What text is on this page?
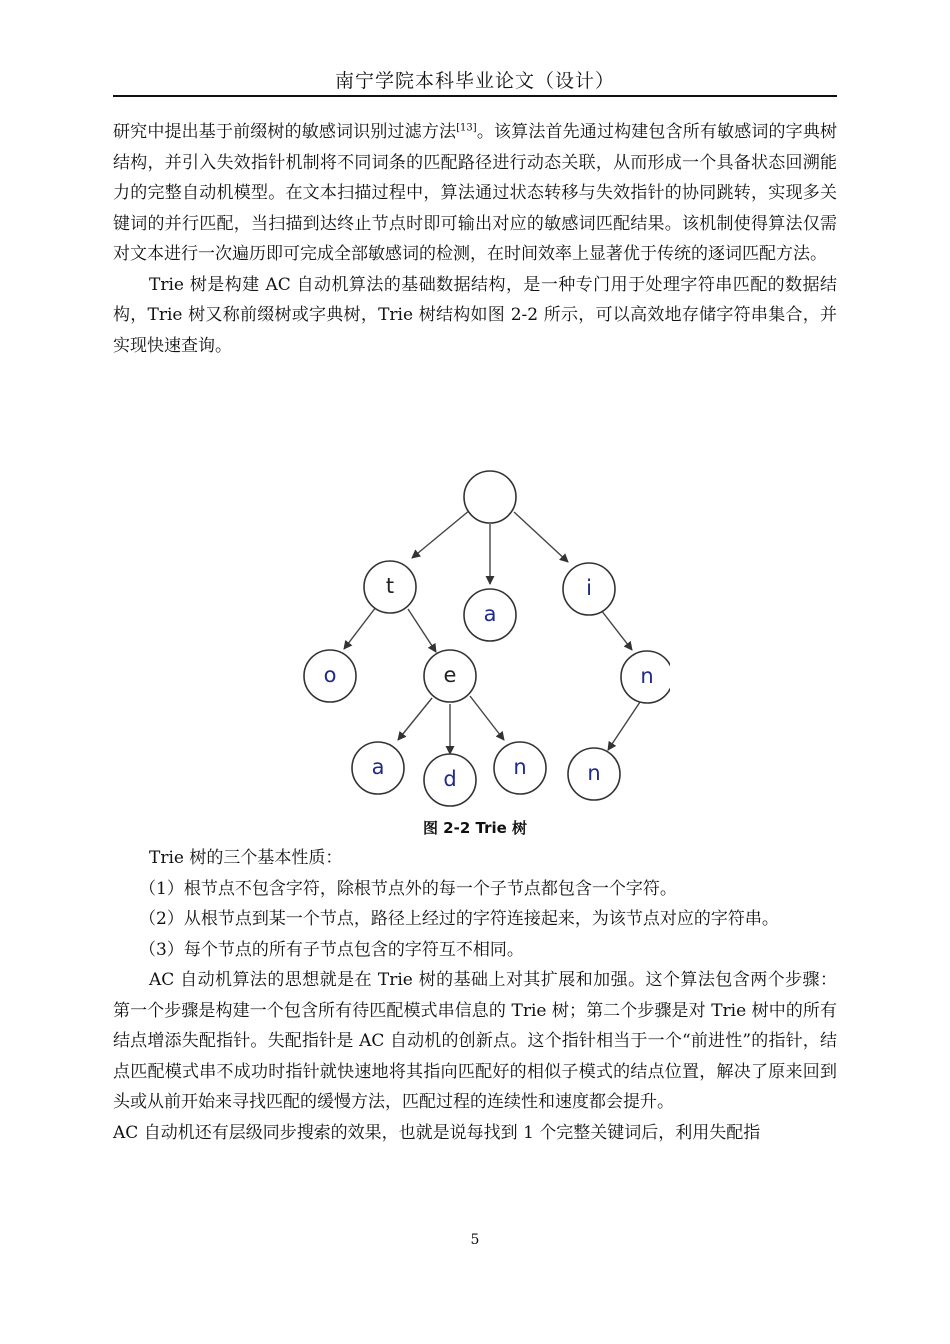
南宁学院本科毕业论文（设计）

研究中提出基于前缀树的敏感词识别过滤方法[13]。该算法首先通过构建包含所有敏感词的字典树结构，并引入失效指针机制将不同词条的匹配路径进行动态关联，从而形成一个具备状态回溯能力的完整自动机模型。在文本扫描过程中，算法通过状态转移与失效指针的协同跳转，实现多关键词的并行匹配，当扫描到达终止节点时即可输出对应的敏感词匹配结果。该机制使得算法仅需对文本进行一次遍历即可完成全部敏感词的检测，在时间效率上显著优于传统的逐词匹配方法。

Trie 树是构建 AC 自动机算法的基础数据结构，是一种专门用于处理字符串匹配的数据结构，Trie 树又称前缀树或字典树，Trie 树结构如图 2-2 所示，可以高效地存储字符串集合，并实现快速查询。

t
a
i
o	e	n
a	d	n	n
图 2-2 Trie 树

Trie 树的三个基本性质：

（1）根节点不包含字符，除根节点外的每一个子节点都包含一个字符。

（2）从根节点到某一个节点，路径上经过的字符连接起来，为该节点对应的字符串。

（3）每个节点的所有子节点包含的字符互不相同。

AC 自动机算法的思想就是在 Trie 树的基础上对其扩展和加强。这个算法包含两个步骤：第一个步骤是构建一个包含所有待匹配模式串信息的 Trie 树；第二个步骤是对 Trie 树中的所有结点增添失配指针。失配指针是 AC 自动机的创新点。这个指针相当于一个“前进性”的指针，结点匹配模式串不成功时指针就快速地将其指向匹配好的相似子模式的结点位置，解决了原来回到头或从前开始来寻找匹配的缓慢方法，匹配过程的连续性和速度都会提升。

AC 自动机还有层级同步搜索的效果，也就是说每找到 1 个完整关键词后，利用失配指

5
